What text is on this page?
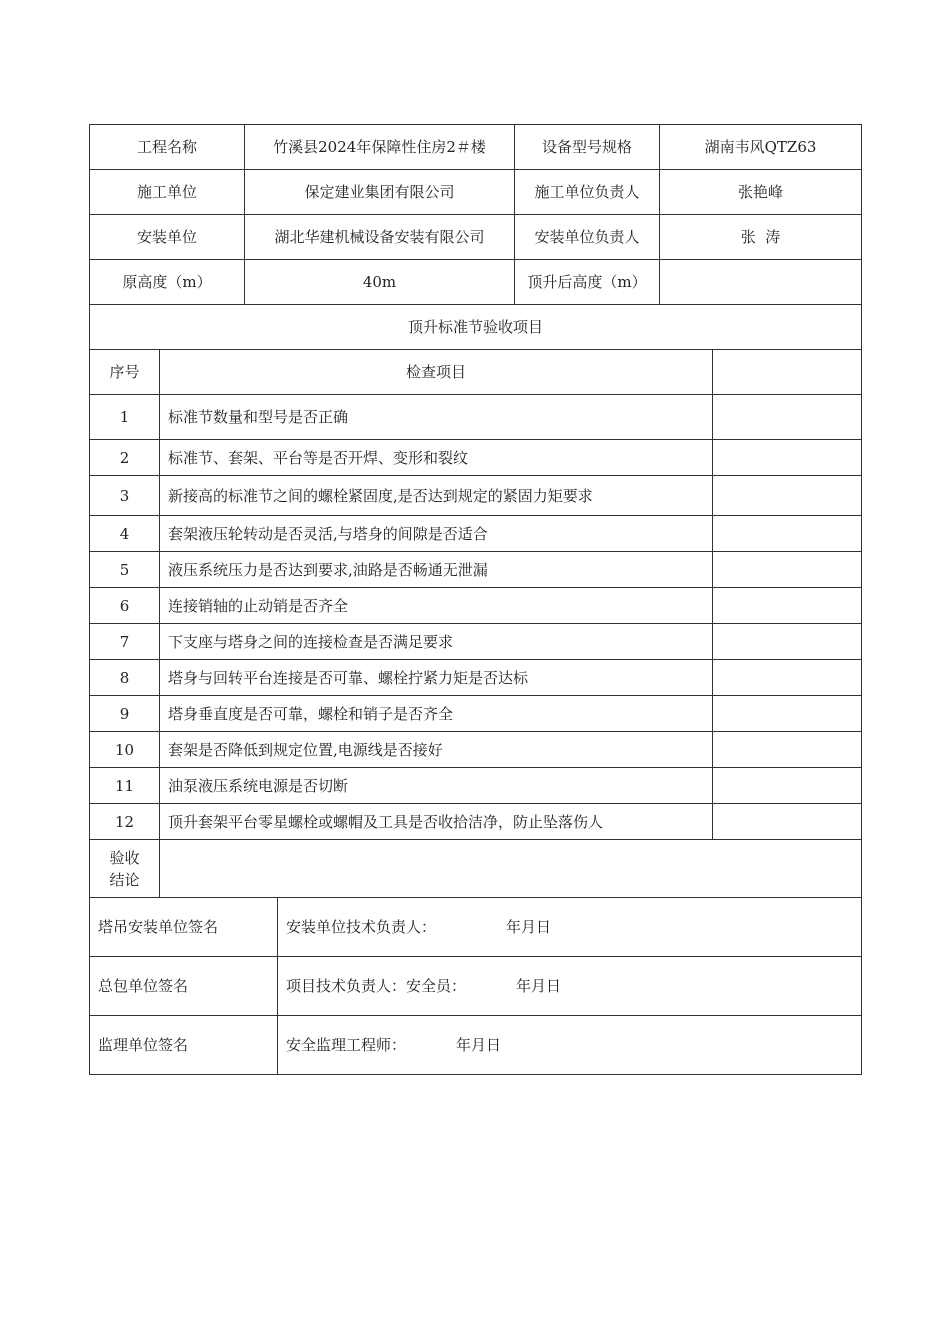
工程名称	竹溪县2024年保障性住房2＃楼	设备型号规格	湖南韦风QTZ63
施工单位	保定建业集团有限公司	施工单位负责人	张艳峰
安装单位	湖北华建机械设备安装有限公司	安装单位负责人	张  涛
原高度（m）	40m	顶升后高度（m）	
顶升标准节验收项目		
序号	检查项目	
1	标准节数量和型号是否正确	
2	标准节、套架、平台等是否开焊、变形和裂纹	
3	新接高的标准节之间的螺栓紧固度,是否达到规定的紧固力矩要求	
4	套架液压轮转动是否灵活,与塔身的间隙是否适合	
5	液压系统压力是否达到要求,油路是否畅通无泄漏	
6	连接销轴的止动销是否齐全	
7	下支座与塔身之间的连接检查是否满足要求	
8	塔身与回转平台连接是否可靠、螺栓拧紧力矩是否达标	
9	塔身垂直度是否可靠，螺栓和销子是否齐全	
10	套架是否降低到规定位置,电源线是否接好	
11	油泵液压系统电源是否切断	
12	顶升套架平台零星螺栓或螺帽及工具是否收拾洁净，防止坠落伤人	

验收
结论		

塔吊安装单位签名	安装单位技术负责人： 年月日
总包单位签名	项目技术负责人：安全员： 年月日
监理单位签名	安全监理工程师： 年月日
